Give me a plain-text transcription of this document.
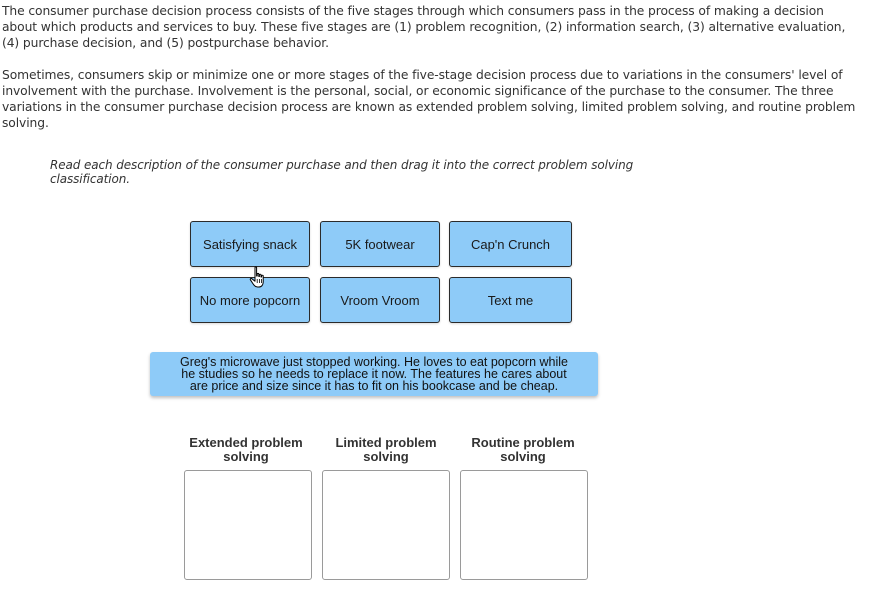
The consumer purchase decision process consists of the five stages through which consumers pass in the process of making a decision about which products and services to buy. These five stages are (1) problem recognition, (2) information search, (3) alternative evaluation, (4) purchase decision, and (5) postpurchase behavior.

Sometimes, consumers skip or minimize one or more stages of the five-stage decision process due to variations in the consumers' level of involvement with the purchase. Involvement is the personal, social, or economic significance of the purchase to the consumer. The three variations in the consumer purchase decision process are known as extended problem solving, limited problem solving, and routine problem solving.

Read each description of the consumer purchase and then drag it into the correct problem solving classification.
Satisfying snack	5K footwear	Cap'n Crunch
No more popcorn	Vroom Vroom	Text me
Greg's microwave just stopped working. He loves to eat popcorn while he studies so he needs to replace it now. The features he cares about are price and size since it has to fit on his bookcase and be cheap.
Extended problem solving
Limited problem solving
Routine problem solving
